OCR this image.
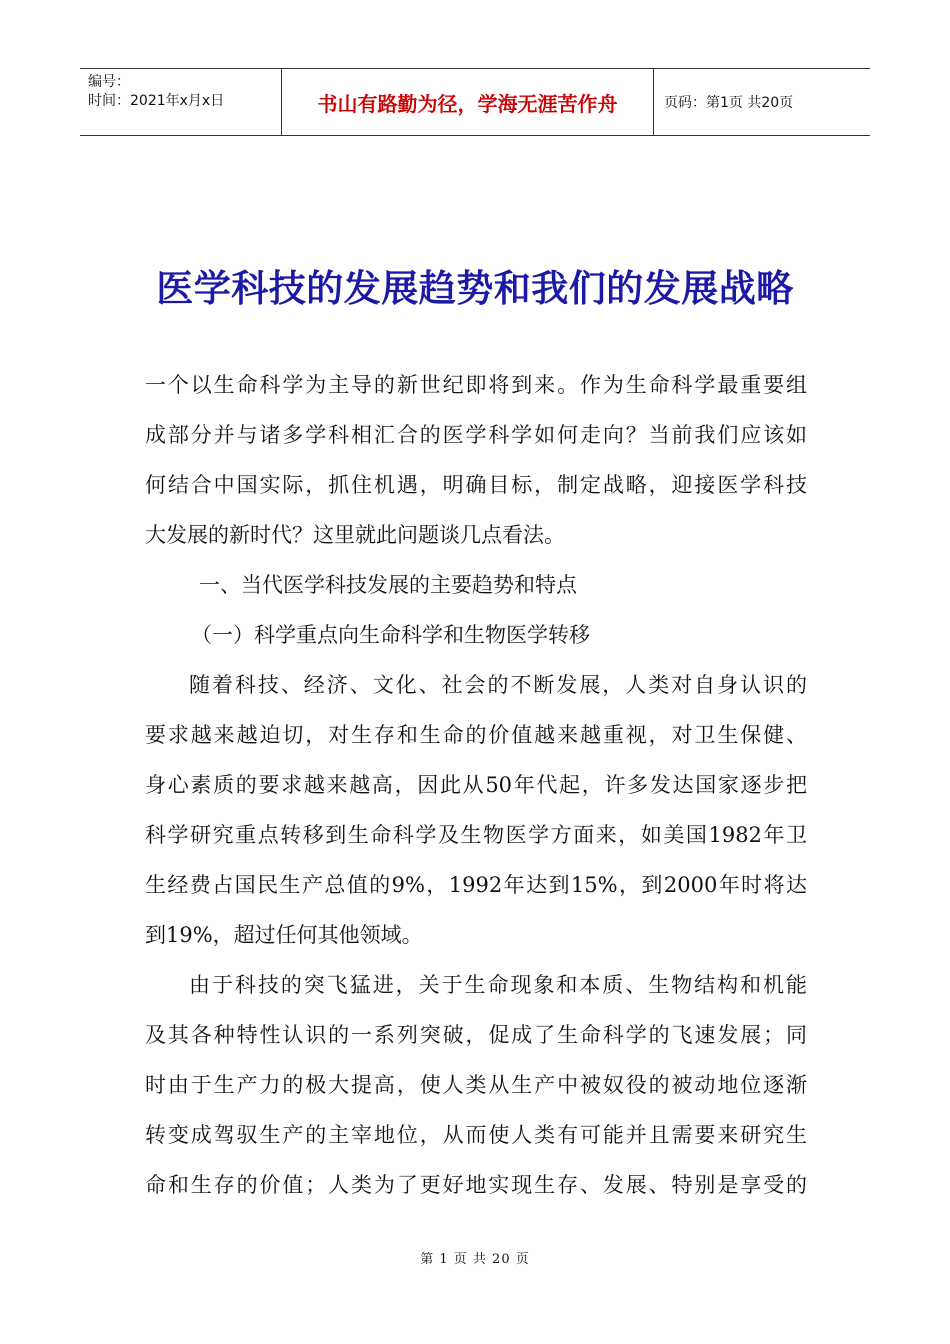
编号：
时间：2021年x月x日	书山有路勤为径，学海无涯苦作舟	页码：第1页 共20页
医学科技的发展趋势和我们的发展战略
一个以生命科学为主导的新世纪即将到来。作为生命科学最重要组
成部分并与诸多学科相汇合的医学科学如何走向？当前我们应该如
何结合中国实际，抓住机遇，明确目标，制定战略，迎接医学科技
大发展的新时代？这里就此问题谈几点看法。
一、当代医学科技发展的主要趋势和特点
（一）科学重点向生命科学和生物医学转移
随着科技、经济、文化、社会的不断发展，人类对自身认识的
要求越来越迫切，对生存和生命的价值越来越重视，对卫生保健、
身心素质的要求越来越高，因此从50年代起，许多发达国家逐步把
科学研究重点转移到生命科学及生物医学方面来，如美国1982年卫
生经费占国民生产总值的9%，1992年达到15%，到2000年时将达
到19%，超过任何其他领域。
由于科技的突飞猛进，关于生命现象和本质、生物结构和机能
及其各种特性认识的一系列突破，促成了生命科学的飞速发展；同
时由于生产力的极大提高，使人类从生产中被奴役的被动地位逐渐
转变成驾驭生产的主宰地位，从而使人类有可能并且需要来研究生
命和生存的价值；人类为了更好地实现生存、发展、特别是享受的
第 1 页 共 20 页
